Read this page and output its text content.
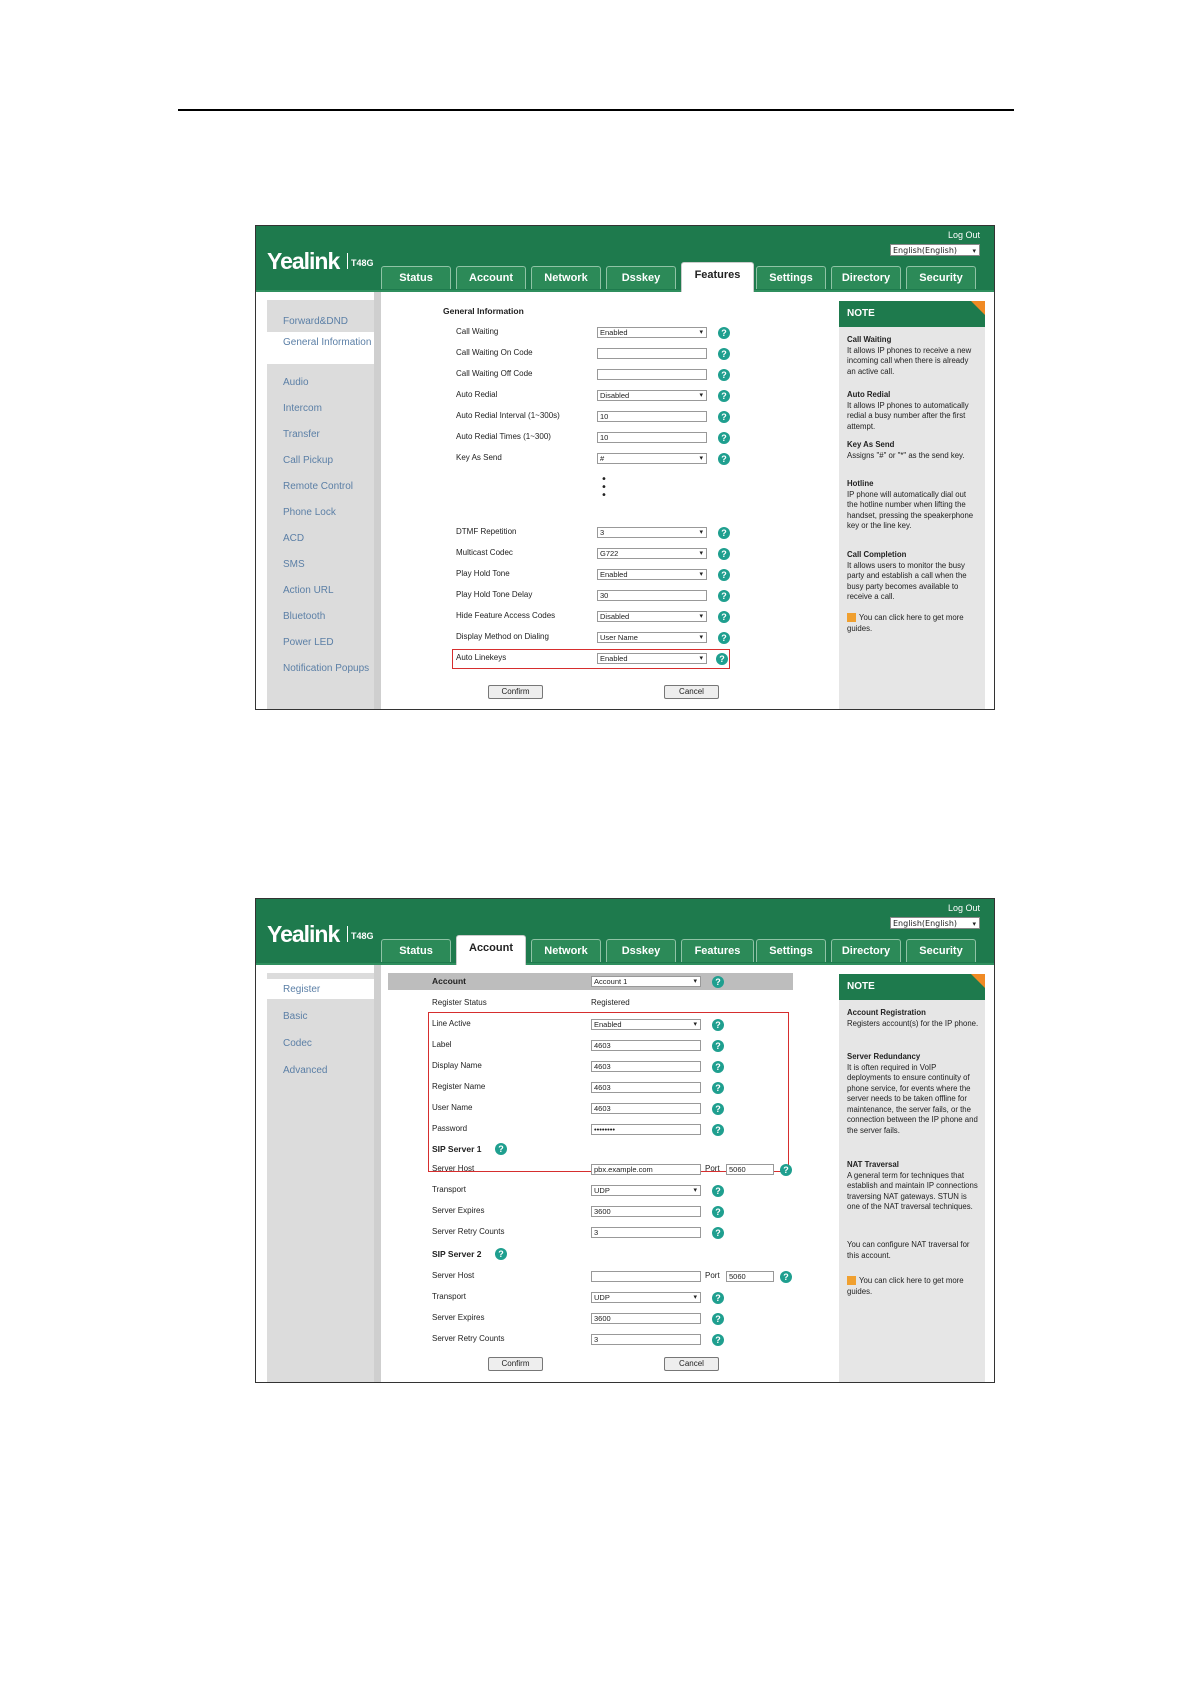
Yealink	T48G
Log Out
English(English) ▾
Status	Account	Network	Dsskey	Features	Settings	Directory	Security
Forward&DND
General Information
Audio
Intercom
Transfer
Call Pickup
Remote Control
Phone Lock
ACD
SMS
Action URL
Bluetooth
Power LED
Notification Popups
General Information
Call Waiting	Enabled	▾	?
Call Waiting On Code	?
Call Waiting Off Code	?
Auto Redial	Disabled	▾	?
Auto Redial Interval (1~300s)	10	?
Auto Redial Times (1~300)	10	?
Key As Send	#	▾	?
•
•
•
DTMF Repetition	3	▾	?
Multicast Codec	G722	▾	?
Play Hold Tone	Enabled	▾	?
Play Hold Tone Delay	30	?
Hide Feature Access Codes	Disabled	▾	?
Display Method on Dialing	User Name	▾	?
Auto Linekeys	Enabled	▾	?
Confirm	Cancel
NOTE
Call Waiting
It allows IP phones to receive a new incoming call when there is already an active call.
Auto Redial
It allows IP phones to automatically redial a busy number after the first attempt.
Key As Send
Assigns "#" or "*" as the send key.
Hotline
IP phone will automatically dial out the hotline number when lifting the handset, pressing the speakerphone key or the line key.
Call Completion
It allows users to monitor the busy party and establish a call when the busy party becomes available to receive a call.
You can click here to get more guides.
Yealink	T48G
Log Out
English(English) ▾
Status	Account	Network	Dsskey	Features	Settings	Directory	Security
Register
Basic
Codec
Advanced
Account	Account 1	▾	?
Register Status	Registered
Line Active	Enabled	▾	?
Label	4603	?
Display Name	4603	?
Register Name	4603	?
User Name	4603	?
Password	••••••••	?
SIP Server 1	?
Server Host	pbx.example.com	Port	5060	?
Transport	UDP	▾	?
Server Expires	3600	?
Server Retry Counts	3	?
SIP Server 2	?
Server Host	Port	5060	?
Transport	UDP	▾	?
Server Expires	3600	?
Server Retry Counts	3	?
Confirm	Cancel
NOTE
Account Registration
Registers account(s) for the IP phone.
Server Redundancy
It is often required in VoIP deployments to ensure continuity of phone service, for events where the server needs to be taken offline for maintenance, the server fails, or the connection between the IP phone and the server fails.
NAT Traversal
A general term for techniques that establish and maintain IP connections traversing NAT gateways. STUN is one of the NAT traversal techniques.
You can configure NAT traversal for this account.
You can click here to get more guides.
